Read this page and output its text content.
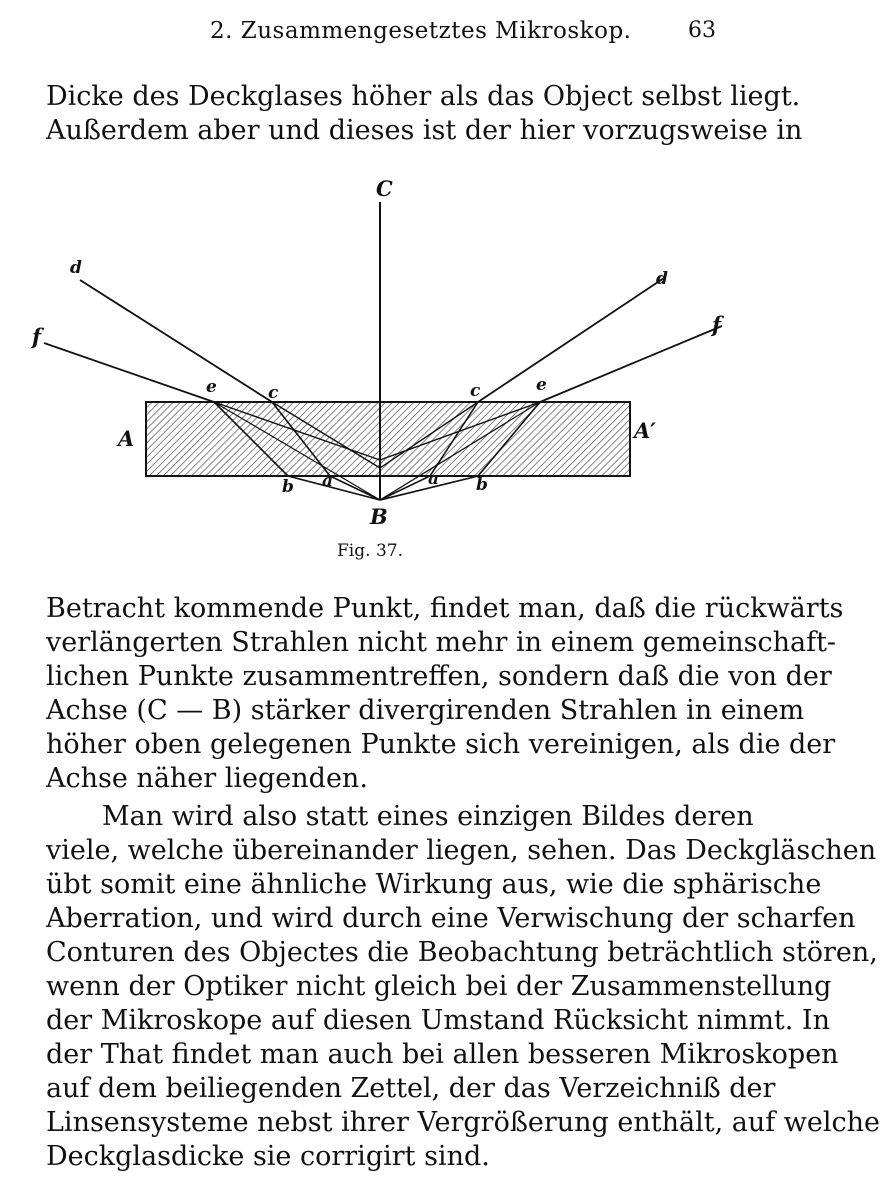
2. Zusammengesetztes Mikroskop.	63
Dicke des Deckglases höher als das Object selbst liegt.
Außerdem aber und dieses ist der hier vorzugsweise in
C
d
d
f	f
e	e
c	c
A	A′
b	b
a	a
B
Fig. 37.
Betracht kommende Punkt, findet man, daß die rückwärts
verlängerten Strahlen nicht mehr in einem gemeinschaft-
lichen Punkte zusammentreffen, sondern daß die von der
Achse (C — B) stärker divergirenden Strahlen in einem
höher oben gelegenen Punkte sich vereinigen, als die der
Achse näher liegenden.
Man wird also statt eines einzigen Bildes deren
viele, welche übereinander liegen, sehen. Das Deckgläschen
übt somit eine ähnliche Wirkung aus, wie die sphärische
Aberration, und wird durch eine Verwischung der scharfen
Conturen des Objectes die Beobachtung beträchtlich stören,
wenn der Optiker nicht gleich bei der Zusammenstellung
der Mikroskope auf diesen Umstand Rücksicht nimmt. In
der That findet man auch bei allen besseren Mikroskopen
auf dem beiliegenden Zettel, der das Verzeichniß der
Linsensysteme nebst ihrer Vergrößerung enthält, auf welche
Deckglasdicke sie corrigirt sind.
